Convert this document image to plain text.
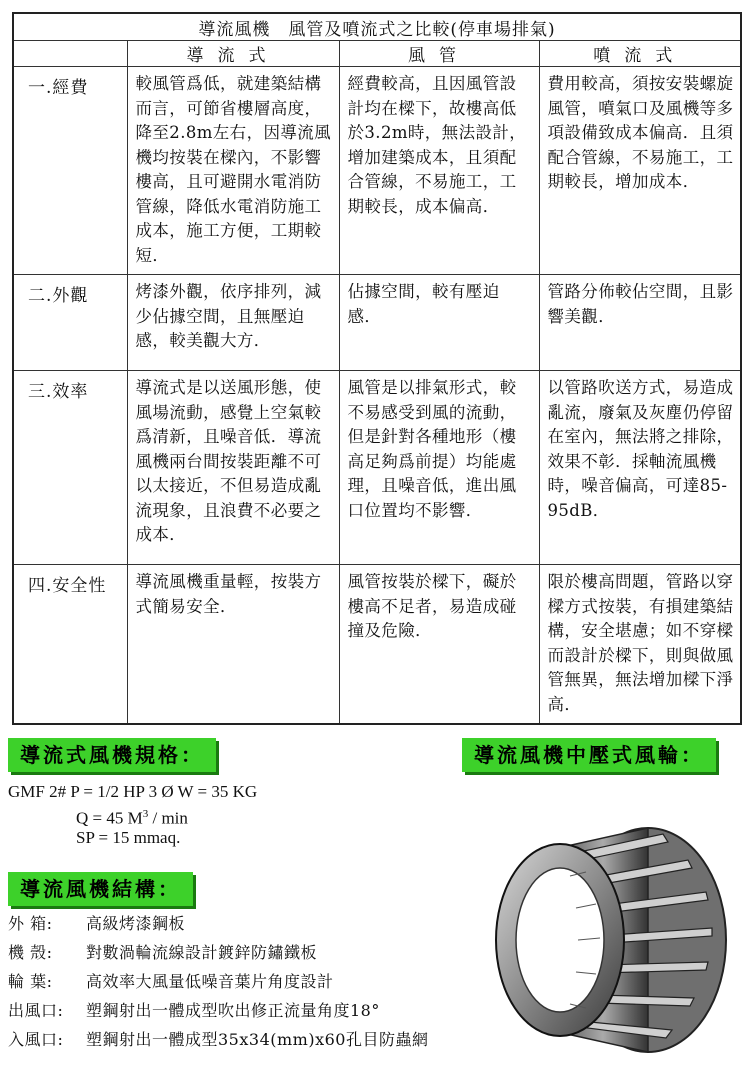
導流風機　風管及噴流式之比較(停車場排氣)			
	導流式	風管	噴流式
一.經費	較風管爲低，就建築結構而言，可節省樓層高度，降至2.8m左右，因導流風機均按裝在樑內，不影響樓高，且可避開水電消防管線，降低水電消防施工成本，施工方便，工期較短．	經費較高，且因風管設計均在樑下，故樓高低於3.2m時，無法設計，增加建築成本，且須配合管線，不易施工，工期較長，成本偏高．	費用較高，須按安裝螺旋風管，噴氣口及風機等多項設備致成本偏高．且須配合管線，不易施工，工期較長，增加成本．
二.外觀	烤漆外觀，依序排列，減少佔據空間，且無壓迫感，較美觀大方．	佔據空間，較有壓迫感．	管路分佈較佔空間，且影響美觀．
三.效率	導流式是以送風形態，使風場流動，感覺上空氣較爲清新，且噪音低．導流風機兩台間按裝距離不可以太接近，不但易造成亂流現象，且浪費不必要之成本．	風管是以排氣形式，較不易感受到風的流動，但是針對各種地形（樓高足夠爲前提）均能處理，且噪音低，進出風口位置均不影響．	以管路吹送方式，易造成亂流，廢氣及灰塵仍停留在室內，無法將之排除，效果不彰．採軸流風機時，噪音偏高，可達85-95dB．
四.安全性	導流風機重量輕，按裝方式簡易安全．	風管按裝於樑下，礙於樓高不足者，易造成碰撞及危險．	限於樓高問題，管路以穿樑方式按裝，有損建築結構，安全堪慮；如不穿樑而設計於樑下，則與做風管無異，無法增加樑下淨高．
導流式風機規格：	導流風機中壓式風輪：
GMF 2# P = 1/2 HP 3 Ø W = 35 KG
Q = 45 $M^3$ / min
SP = 15 mmaq.
導流風機結構：
外 箱:	高級烤漆鋼板
機 殼:	對數渦輪流線設計鍍鋅防鏽鐵板
輪 葉:	高效率大風量低噪音葉片角度設計
出風口:	塑鋼射出一體成型吹出修正流量角度18°
入風口:	塑鋼射出一體成型35x34(mm)x60孔目防蟲網
